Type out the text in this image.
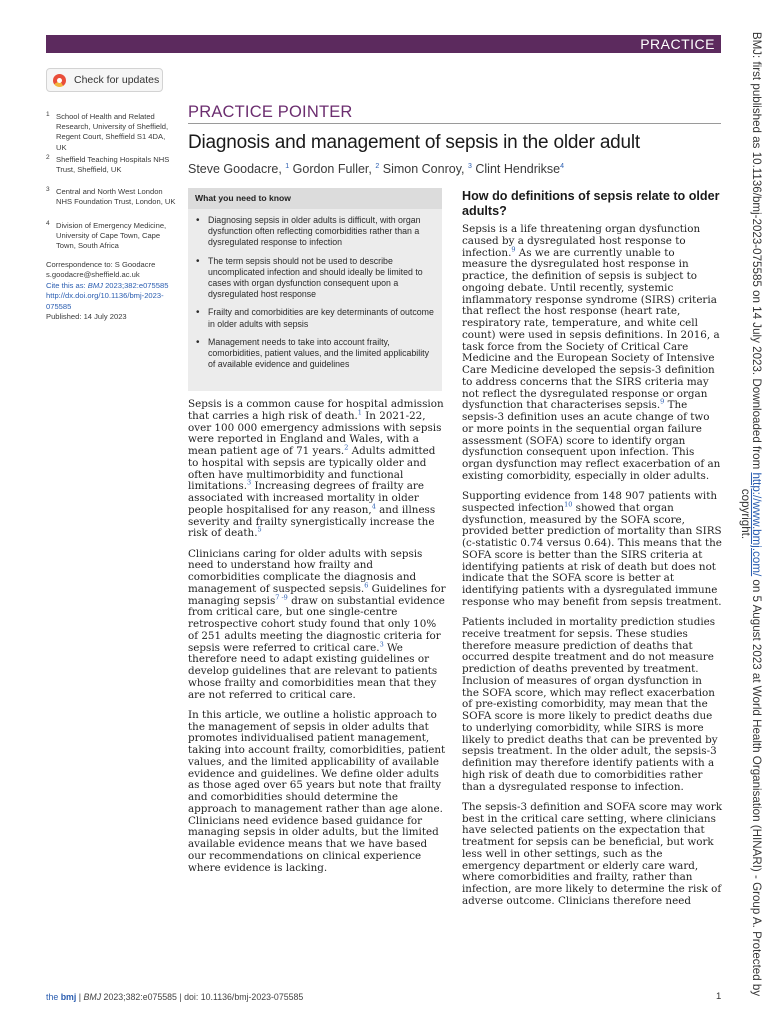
PRACTICE
Check for updates
1 School of Health and Related Research, University of Sheffield, Regent Court, Sheffield S1 4DA, UK
2 Sheffield Teaching Hospitals NHS Trust, Sheffield, UK
3 Central and North West London NHS Foundation Trust, London, UK
4 Division of Emergency Medicine, University of Cape Town, Cape Town, South Africa
Correspondence to: S Goodacre
s.goodacre@sheffield.ac.uk
Cite this as: BMJ 2023;382:e075585
http://dx.doi.org/10.1136/bmj-2023-075585
Published: 14 July 2023
PRACTICE POINTER
Diagnosis and management of sepsis in the older adult
Steve Goodacre, $^1$ Gordon Fuller, $^2$ Simon Conroy, $^3$ Clint Hendrikse$^4$
What you need to know
• Diagnosing sepsis in older adults is difficult, with organ dysfunction often reflecting comorbidities rather than a dysregulated response to infection
• The term sepsis should not be used to describe uncomplicated infection and should ideally be limited to cases with organ dysfunction consequent upon a dysregulated host response
• Frailty and comorbidities are key determinants of outcome in older adults with sepsis
• Management needs to take into account frailty, comorbidities, patient values, and the limited applicability of available evidence and guidelines

Sepsis is a common cause for hospital admission that carries a high risk of death.$^1$ In 2021-22, over 100 000 emergency admissions with sepsis were reported in England and Wales, with a mean patient age of 71 years.$^2$ Adults admitted to hospital with sepsis are typically older and often have multimorbidity and functional limitations.$^3$ Increasing degrees of frailty are associated with increased mortality in older people hospitalised for any reason,$^4$ and illness severity and frailty synergistically increase the risk of death.$^5$

Clinicians caring for older adults with sepsis need to understand how frailty and comorbidities complicate the diagnosis and management of suspected sepsis.$^6$ Guidelines for managing sepsis$^{7 -9}$ draw on substantial evidence from critical care, but one single-centre retrospective cohort study found that only 10% of 251 adults meeting the diagnostic criteria for sepsis were referred to critical care.$^3$ We therefore need to adapt existing guidelines or develop guidelines that are relevant to patients whose frailty and comorbidities mean that they are not referred to critical care.

In this article, we outline a holistic approach to the management of sepsis in older adults that promotes individualised patient management, taking into account frailty, comorbidities, patient values, and the limited applicability of available evidence and guidelines. We define older adults as those aged over 65 years but note that frailty and comorbidities should determine the approach to management rather than age alone. Clinicians need evidence based guidance for managing sepsis in older adults, but the limited available evidence means that we have based our recommendations on clinical experience where evidence is lacking.

How do definitions of sepsis relate to older adults?

Sepsis is a life threatening organ dysfunction caused by a dysregulated host response to infection.$^9$ As we are currently unable to measure the dysregulated host response in practice, the definition of sepsis is subject to ongoing debate. Until recently, systemic inflammatory response syndrome (SIRS) criteria that reflect the host response (heart rate, respiratory rate, temperature, and white cell count) were used in sepsis definitions. In 2016, a task force from the Society of Critical Care Medicine and the European Society of Intensive Care Medicine developed the sepsis-3 definition to address concerns that the SIRS criteria may not reflect the dysregulated response or organ dysfunction that characterises sepsis.$^9$ The sepsis-3 definition uses an acute change of two or more points in the sequential organ failure assessment (SOFA) score to identify organ dysfunction consequent upon infection. This organ dysfunction may reflect exacerbation of an existing comorbidity, especially in older adults.

Supporting evidence from 148 907 patients with suspected infection$^{10}$ showed that organ dysfunction, measured by the SOFA score, provided better prediction of mortality than SIRS (c-statistic 0.74 versus 0.64). This means that the SOFA score is better than the SIRS criteria at identifying patients at risk of death but does not indicate that the SOFA score is better at identifying patients with a dysregulated immune response who may benefit from sepsis treatment.

Patients included in mortality prediction studies receive treatment for sepsis. These studies therefore measure prediction of deaths that occurred despite treatment and do not measure prediction of deaths prevented by treatment. Inclusion of measures of organ dysfunction in the SOFA score, which may reflect exacerbation of pre-existing comorbidity, may mean that the SOFA score is more likely to predict deaths due to underlying comorbidity, while SIRS is more likely to predict deaths that can be prevented by sepsis treatment. In the older adult, the sepsis-3 definition may therefore identify patients with a high risk of death due to comorbidities rather than a dysregulated response to infection.

The sepsis-3 definition and SOFA score may work best in the critical care setting, where clinicians have selected patients on the expectation that treatment for sepsis can be beneficial, but work less well in other settings, such as the emergency department or elderly care ward, where comorbidities and frailty, rather than infection, are more likely to determine the risk of adverse outcome. Clinicians therefore need

the bmj | BMJ 2023;382:e075585 | doi: 10.1136/bmj-2023-075585	1
BMJ: first published as 10.1136/bmj-2023-075585 on 14 July 2023. Downloaded from http://www.bmj.com/ on 5 August 2023 at World Health Organisation (HINARI) - Group A. Protected by
copyright.
